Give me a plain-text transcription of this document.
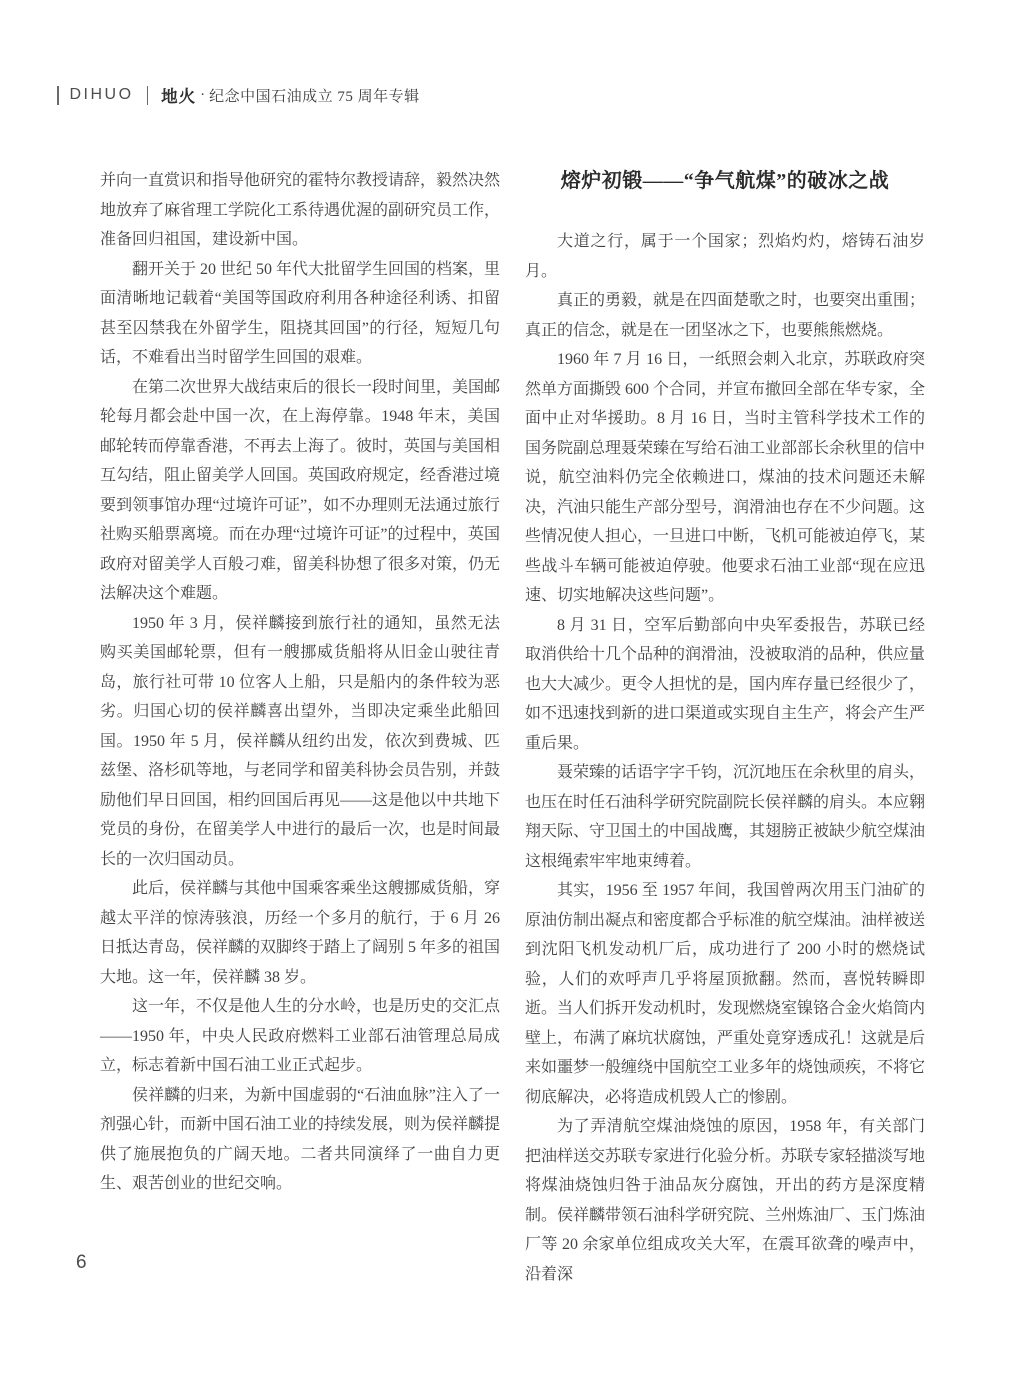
DIHUO 地火 · 纪念中国石油成立 75 周年专辑

并向一直赏识和指导他研究的霍特尔教授请辞，毅然决然地放弃了麻省理工学院化工系待遇优渥的副研究员工作，准备回归祖国，建设新中国。

翻开关于 20 世纪 50 年代大批留学生回国的档案，里面清晰地记载着“美国等国政府利用各种途径利诱、扣留甚至囚禁我在外留学生，阻挠其回国”的行径，短短几句话，不难看出当时留学生回国的艰难。

在第二次世界大战结束后的很长一段时间里，美国邮轮每月都会赴中国一次，在上海停靠。1948 年末，美国邮轮转而停靠香港，不再去上海了。彼时，英国与美国相互勾结，阻止留美学人回国。英国政府规定，经香港过境要到领事馆办理“过境许可证”，如不办理则无法通过旅行社购买船票离境。而在办理“过境许可证”的过程中，英国政府对留美学人百般刁难，留美科协想了很多对策，仍无法解决这个难题。

1950 年 3 月，侯祥麟接到旅行社的通知，虽然无法购买美国邮轮票，但有一艘挪威货船将从旧金山驶往青岛，旅行社可带 10 位客人上船，只是船内的条件较为恶劣。归国心切的侯祥麟喜出望外，当即决定乘坐此船回国。1950 年 5 月，侯祥麟从纽约出发，依次到费城、匹兹堡、洛杉矶等地，与老同学和留美科协会员告别，并鼓励他们早日回国，相约回国后再见——这是他以中共地下党员的身份，在留美学人中进行的最后一次，也是时间最长的一次归国动员。

此后，侯祥麟与其他中国乘客乘坐这艘挪威货船，穿越太平洋的惊涛骇浪，历经一个多月的航行，于 6 月 26 日抵达青岛，侯祥麟的双脚终于踏上了阔别 5 年多的祖国大地。这一年，侯祥麟 38 岁。

这一年，不仅是他人生的分水岭，也是历史的交汇点——1950 年，中央人民政府燃料工业部石油管理总局成立，标志着新中国石油工业正式起步。

侯祥麟的归来，为新中国虚弱的“石油血脉”注入了一剂强心针，而新中国石油工业的持续发展，则为侯祥麟提供了施展抱负的广阔天地。二者共同演绎了一曲自力更生、艰苦创业的世纪交响。

熔炉初锻——“争气航煤”的破冰之战

大道之行，属于一个国家；烈焰灼灼，熔铸石油岁月。

真正的勇毅，就是在四面楚歌之时，也要突出重围；真正的信念，就是在一团坚冰之下，也要熊熊燃烧。

1960 年 7 月 16 日，一纸照会刺入北京，苏联政府突然单方面撕毁 600 个合同，并宣布撤回全部在华专家，全面中止对华援助。8 月 16 日，当时主管科学技术工作的国务院副总理聂荣臻在写给石油工业部部长余秋里的信中说，航空油料仍完全依赖进口，煤油的技术问题还未解决，汽油只能生产部分型号，润滑油也存在不少问题。这些情况使人担心，一旦进口中断，飞机可能被迫停飞，某些战斗车辆可能被迫停驶。他要求石油工业部“现在应迅速、切实地解决这些问题”。

8 月 31 日，空军后勤部向中央军委报告，苏联已经取消供给十几个品种的润滑油，没被取消的品种，供应量也大大减少。更令人担忧的是，国内库存量已经很少了，如不迅速找到新的进口渠道或实现自主生产，将会产生严重后果。

聂荣臻的话语字字千钧，沉沉地压在余秋里的肩头，也压在时任石油科学研究院副院长侯祥麟的肩头。本应翱翔天际、守卫国土的中国战鹰，其翅膀正被缺少航空煤油这根绳索牢牢地束缚着。

其实，1956 至 1957 年间，我国曾两次用玉门油矿的原油仿制出凝点和密度都合乎标准的航空煤油。油样被送到沈阳飞机发动机厂后，成功进行了 200 小时的燃烧试验，人们的欢呼声几乎将屋顶掀翻。然而，喜悦转瞬即逝。当人们拆开发动机时，发现燃烧室镍铬合金火焰筒内壁上，布满了麻坑状腐蚀，严重处竟穿透成孔！这就是后来如噩梦一般缠绕中国航空工业多年的烧蚀顽疾，不将它彻底解决，必将造成机毁人亡的惨剧。

为了弄清航空煤油烧蚀的原因，1958 年，有关部门把油样送交苏联专家进行化验分析。苏联专家轻描淡写地将煤油烧蚀归咎于油品灰分腐蚀，开出的药方是深度精制。侯祥麟带领石油科学研究院、兰州炼油厂、玉门炼油厂等 20 余家单位组成攻关大军，在震耳欲聋的噪声中，沿着深

6
